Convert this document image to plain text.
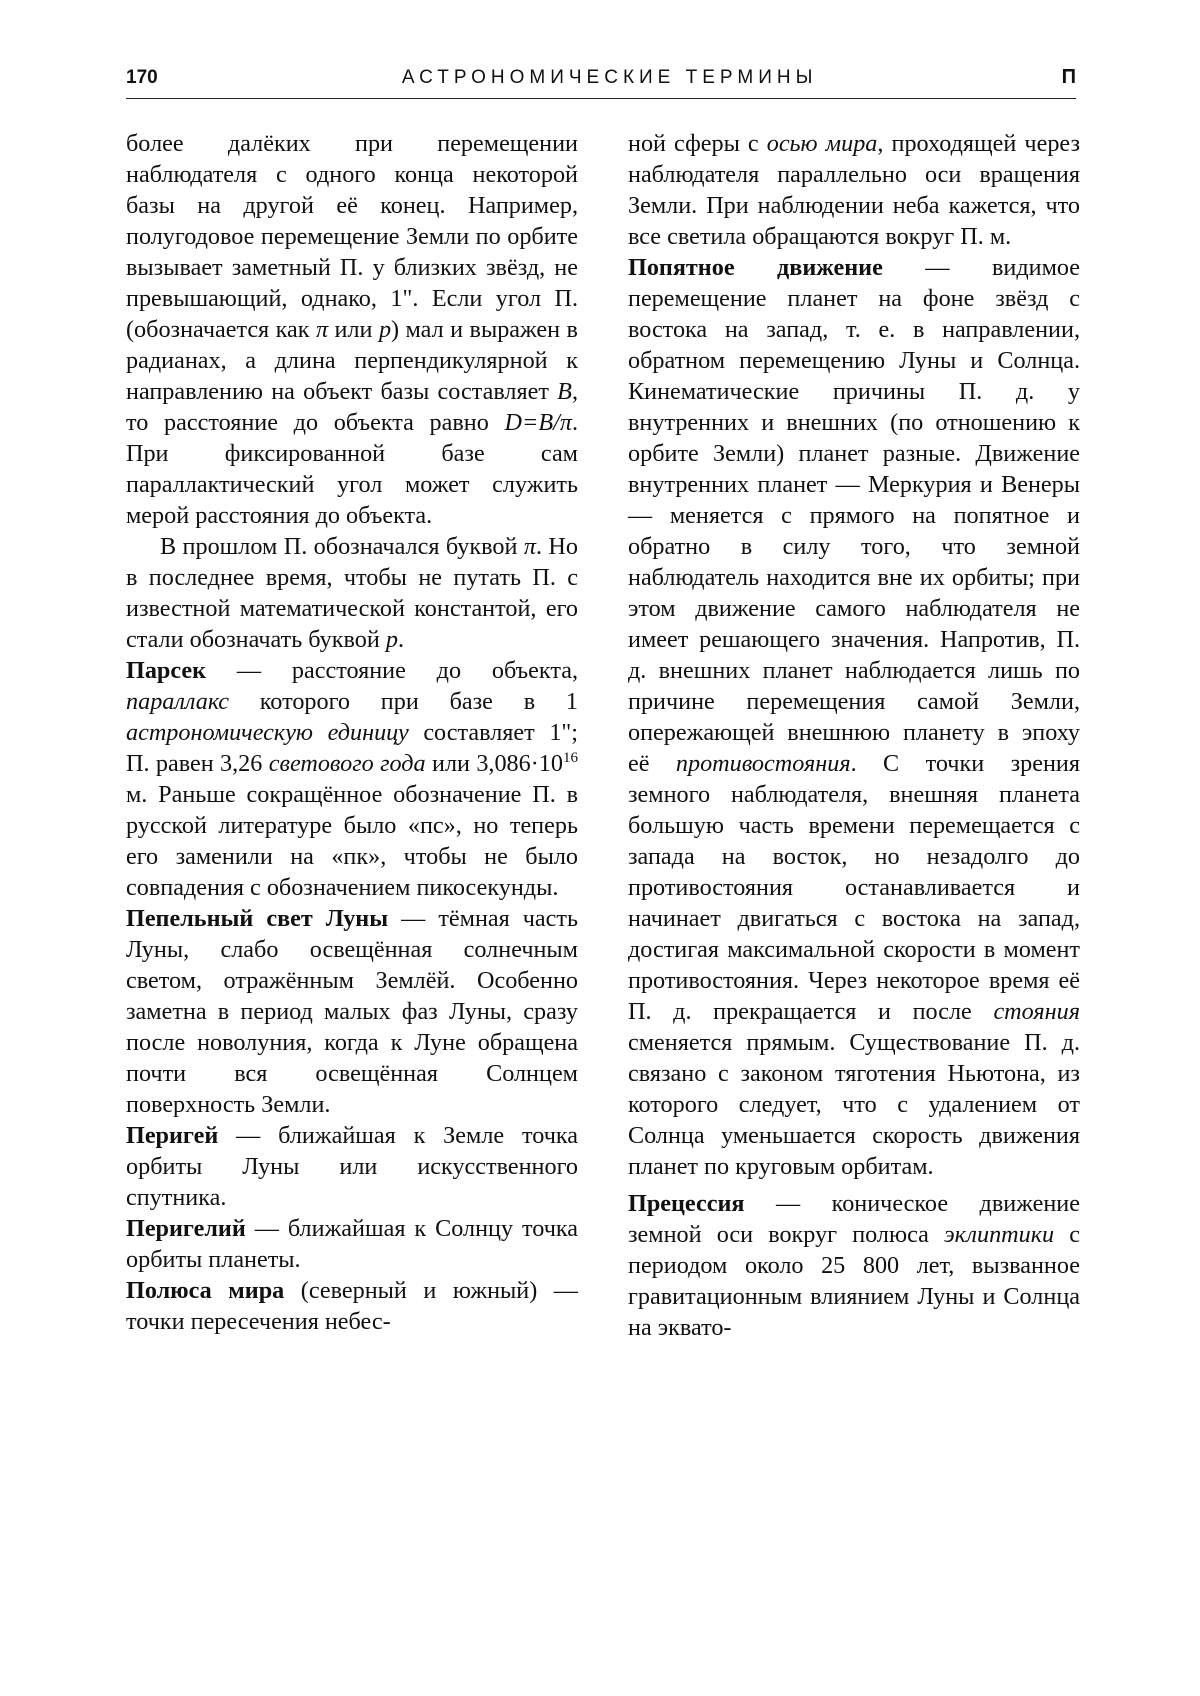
170	АСТРОНОМИЧЕСКИЕ ТЕРМИНЫ	П

более далёких при перемещении наблюдателя с одного конца некоторой базы на другой её конец. Например, полугодовое перемещение Земли по орбите вызывает заметный П. у близких звёзд, не превышающий, однако, 1". Если угол П. (обозначается как π или p) мал и выражен в радианах, а длина перпендикулярной к направлению на объект базы составляет B, то расстояние до объекта равно D=B/π. При фиксированной базе сам параллактический угол может служить мерой расстояния до объекта.

В прошлом П. обозначался буквой π. Но в последнее время, чтобы не путать П. с известной математической константой, его стали обозначать буквой p.

Парсек — расстояние до объекта, параллакс которого при базе в 1 астрономическую единицу составляет 1"; П. равен 3,26 светового года или $3,086\cdot 10^{16}$ м. Раньше сокращённое обозначение П. в русской литературе было «пс», но теперь его заменили на «пк», чтобы не было совпадения с обозначением пикосекунды.

Пепельный свет Луны — тёмная часть Луны, слабо освещённая солнечным светом, отражённым Землёй. Особенно заметна в период малых фаз Луны, сразу после новолуния, когда к Луне обращена почти вся освещённая Солнцем поверхность Земли.

Перигей — ближайшая к Земле точка орбиты Луны или искусственного спутника.

Перигелий — ближайшая к Солнцу точка орбиты планеты.

Полюса мира (северный и южный) — точки пересечения небес-

ной сферы с осью мира, проходящей через наблюдателя параллельно оси вращения Земли. При наблюдении неба кажется, что все светила обращаются вокруг П. м.

Попятное движение — видимое перемещение планет на фоне звёзд с востока на запад, т. е. в направлении, обратном перемещению Луны и Солнца. Кинематические причины П. д. у внутренних и внешних (по отношению к орбите Земли) планет разные. Движение внутренних планет — Меркурия и Венеры — меняется с прямого на попятное и обратно в силу того, что земной наблюдатель находится вне их орбиты; при этом движение самого наблюдателя не имеет решающего значения. Напротив, П. д. внешних планет наблюдается лишь по причине перемещения самой Земли, опережающей внешнюю планету в эпоху её противостояния. С точки зрения земного наблюдателя, внешняя планета большую часть времени перемещается с запада на восток, но незадолго до противостояния останавливается и начинает двигаться с востока на запад, достигая максимальной скорости в момент противостояния. Через некоторое время её П. д. прекращается и после стояния сменяется прямым. Существование П. д. связано с законом тяготения Ньютона, из которого следует, что с удалением от Солнца уменьшается скорость движения планет по круговым орбитам.

Прецессия — коническое движение земной оси вокруг полюса эклиптики с периодом около 25 800 лет, вызванное гравитационным влиянием Луны и Солнца на эквато-
